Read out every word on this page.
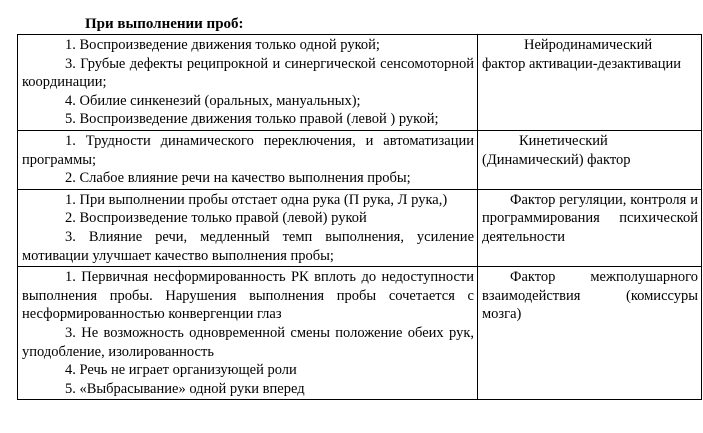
При выполнении проб:

1. Воспроизведение движения только одной рукой;

3. Грубые дефекты реципрокной и синергической сенсомоторной координации;

4. Обилие синкенезий (оральных, мануальных);

5. Воспроизведение движения только правой (левой ) рукой;	Нейродинамический фактор активации-дезактивации

1. Трудности динамического переключения, и автоматизации программы;

2. Слабое влияние речи на качество выполнения пробы;	Кинетический (Динамический) фактор

1. При выполнении пробы отстает одна рука (П рука, Л рука,)

2. Воспроизведение только правой (левой) рукой

3. Влияние речи, медленный темп выполнения, усиление мотивации улучшает качество выполнения пробы;	Фактор регуляции, контроля и программирования психической деятельности

1. Первичная несформированность РК вплоть до недоступности выполнения пробы. Нарушения выполнения пробы сочетается с несформированностью конвергенции глаз

3. Не возможность одновременной смены положение обеих рук, уподобление, изолированность

4. Речь не играет организующей роли

5. «Выбрасывание» одной руки вперед	Фактор межполушарного взаимодействия (комиссуры мозга)
